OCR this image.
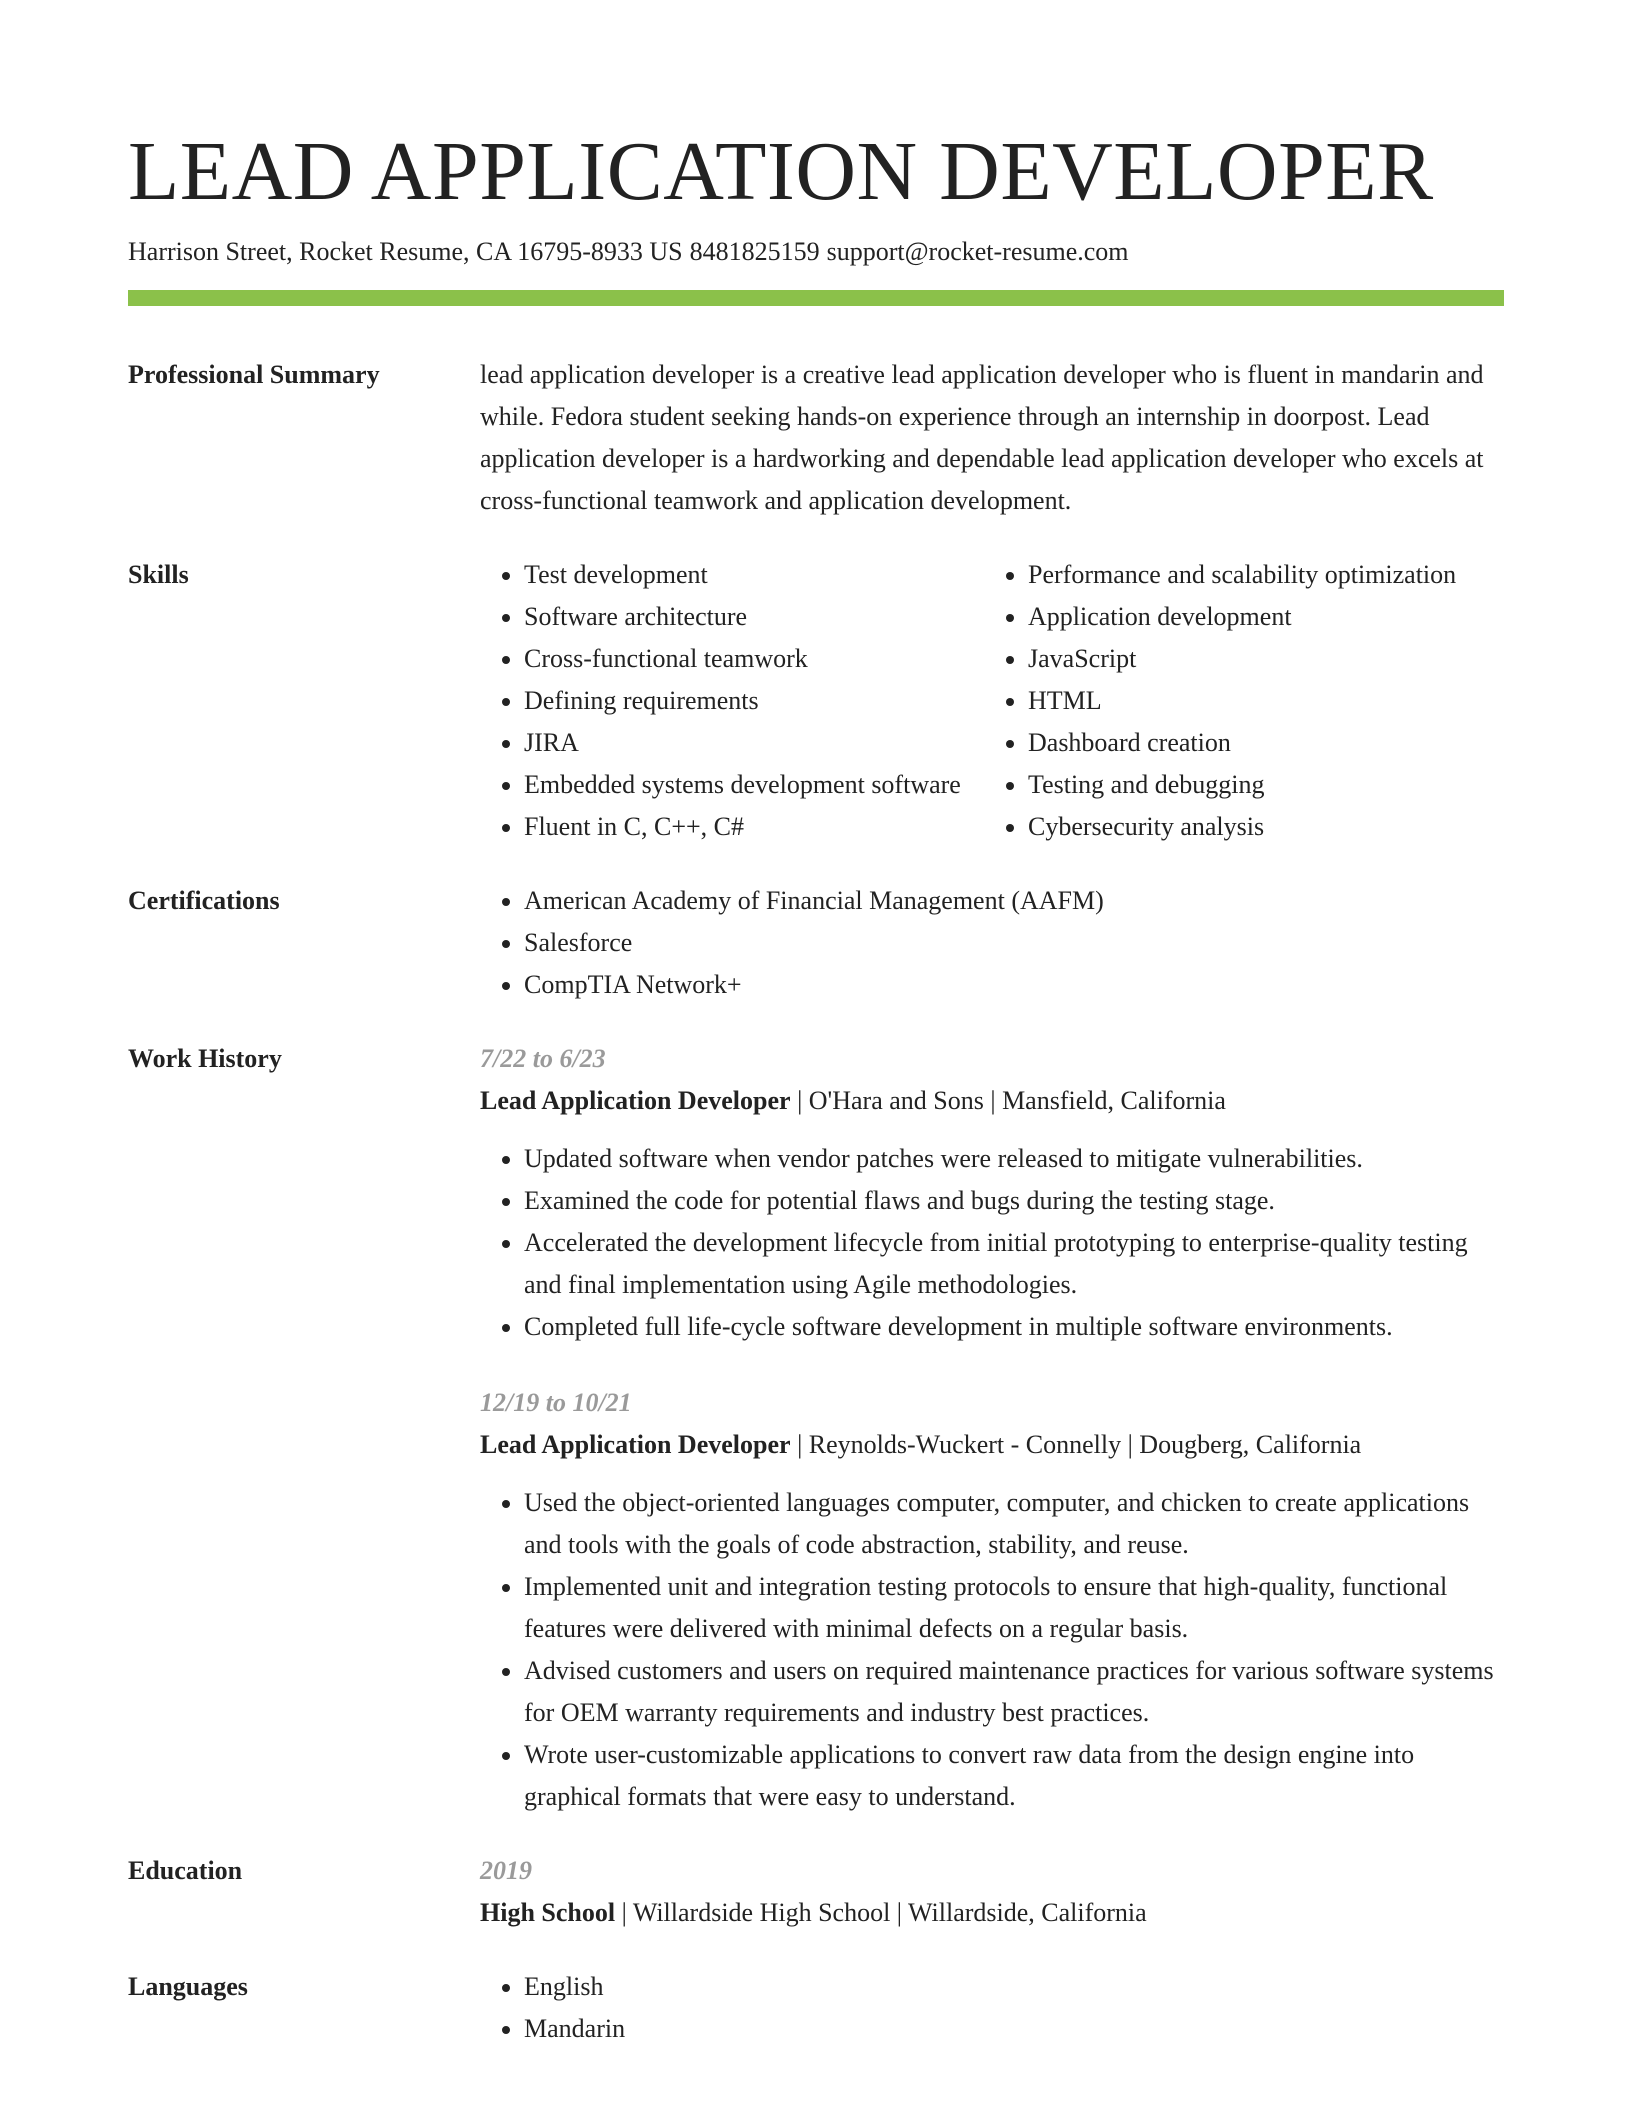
LEAD APPLICATION DEVELOPER
Harrison Street, Rocket Resume, CA 16795-8933 US 8481825159 support@rocket-resume.com
Professional Summary	lead application developer is a creative lead application developer who is fluent in mandarin and while. Fedora student seeking hands-on experience through an internship in doorpost. Lead application developer is a hardworking and dependable lead application developer who excels at cross-functional teamwork and application development.

Skills	• Test development
• Software architecture
• Cross-functional teamwork
• Defining requirements
• JIRA
• Embedded systems development software
• Fluent in C, C++, C#
• Performance and scalability optimization
• Application development
• JavaScript
• HTML
• Dashboard creation
• Testing and debugging
• Cybersecurity analysis
Certifications	• American Academy of Financial Management (AAFM)
• Salesforce
• CompTIA Network+
Work History	7/22 to 6/23
Lead Application Developer | O'Hara and Sons | Mansfield, California
• Updated software when vendor patches were released to mitigate vulnerabilities.
• Examined the code for potential flaws and bugs during the testing stage.
• Accelerated the development lifecycle from initial prototyping to enterprise-quality testing and final implementation using Agile methodologies.
• Completed full life-cycle software development in multiple software environments.
12/19 to 10/21
Lead Application Developer | Reynolds-Wuckert - Connelly | Dougberg, California
• Used the object-oriented languages computer, computer, and chicken to create applications and tools with the goals of code abstraction, stability, and reuse.
• Implemented unit and integration testing protocols to ensure that high-quality, functional features were delivered with minimal defects on a regular basis.
• Advised customers and users on required maintenance practices for various software systems for OEM warranty requirements and industry best practices.
• Wrote user-customizable applications to convert raw data from the design engine into graphical formats that were easy to understand.
Education	2019
High School | Willardside High School | Willardside, California
Languages	• English
• Mandarin
